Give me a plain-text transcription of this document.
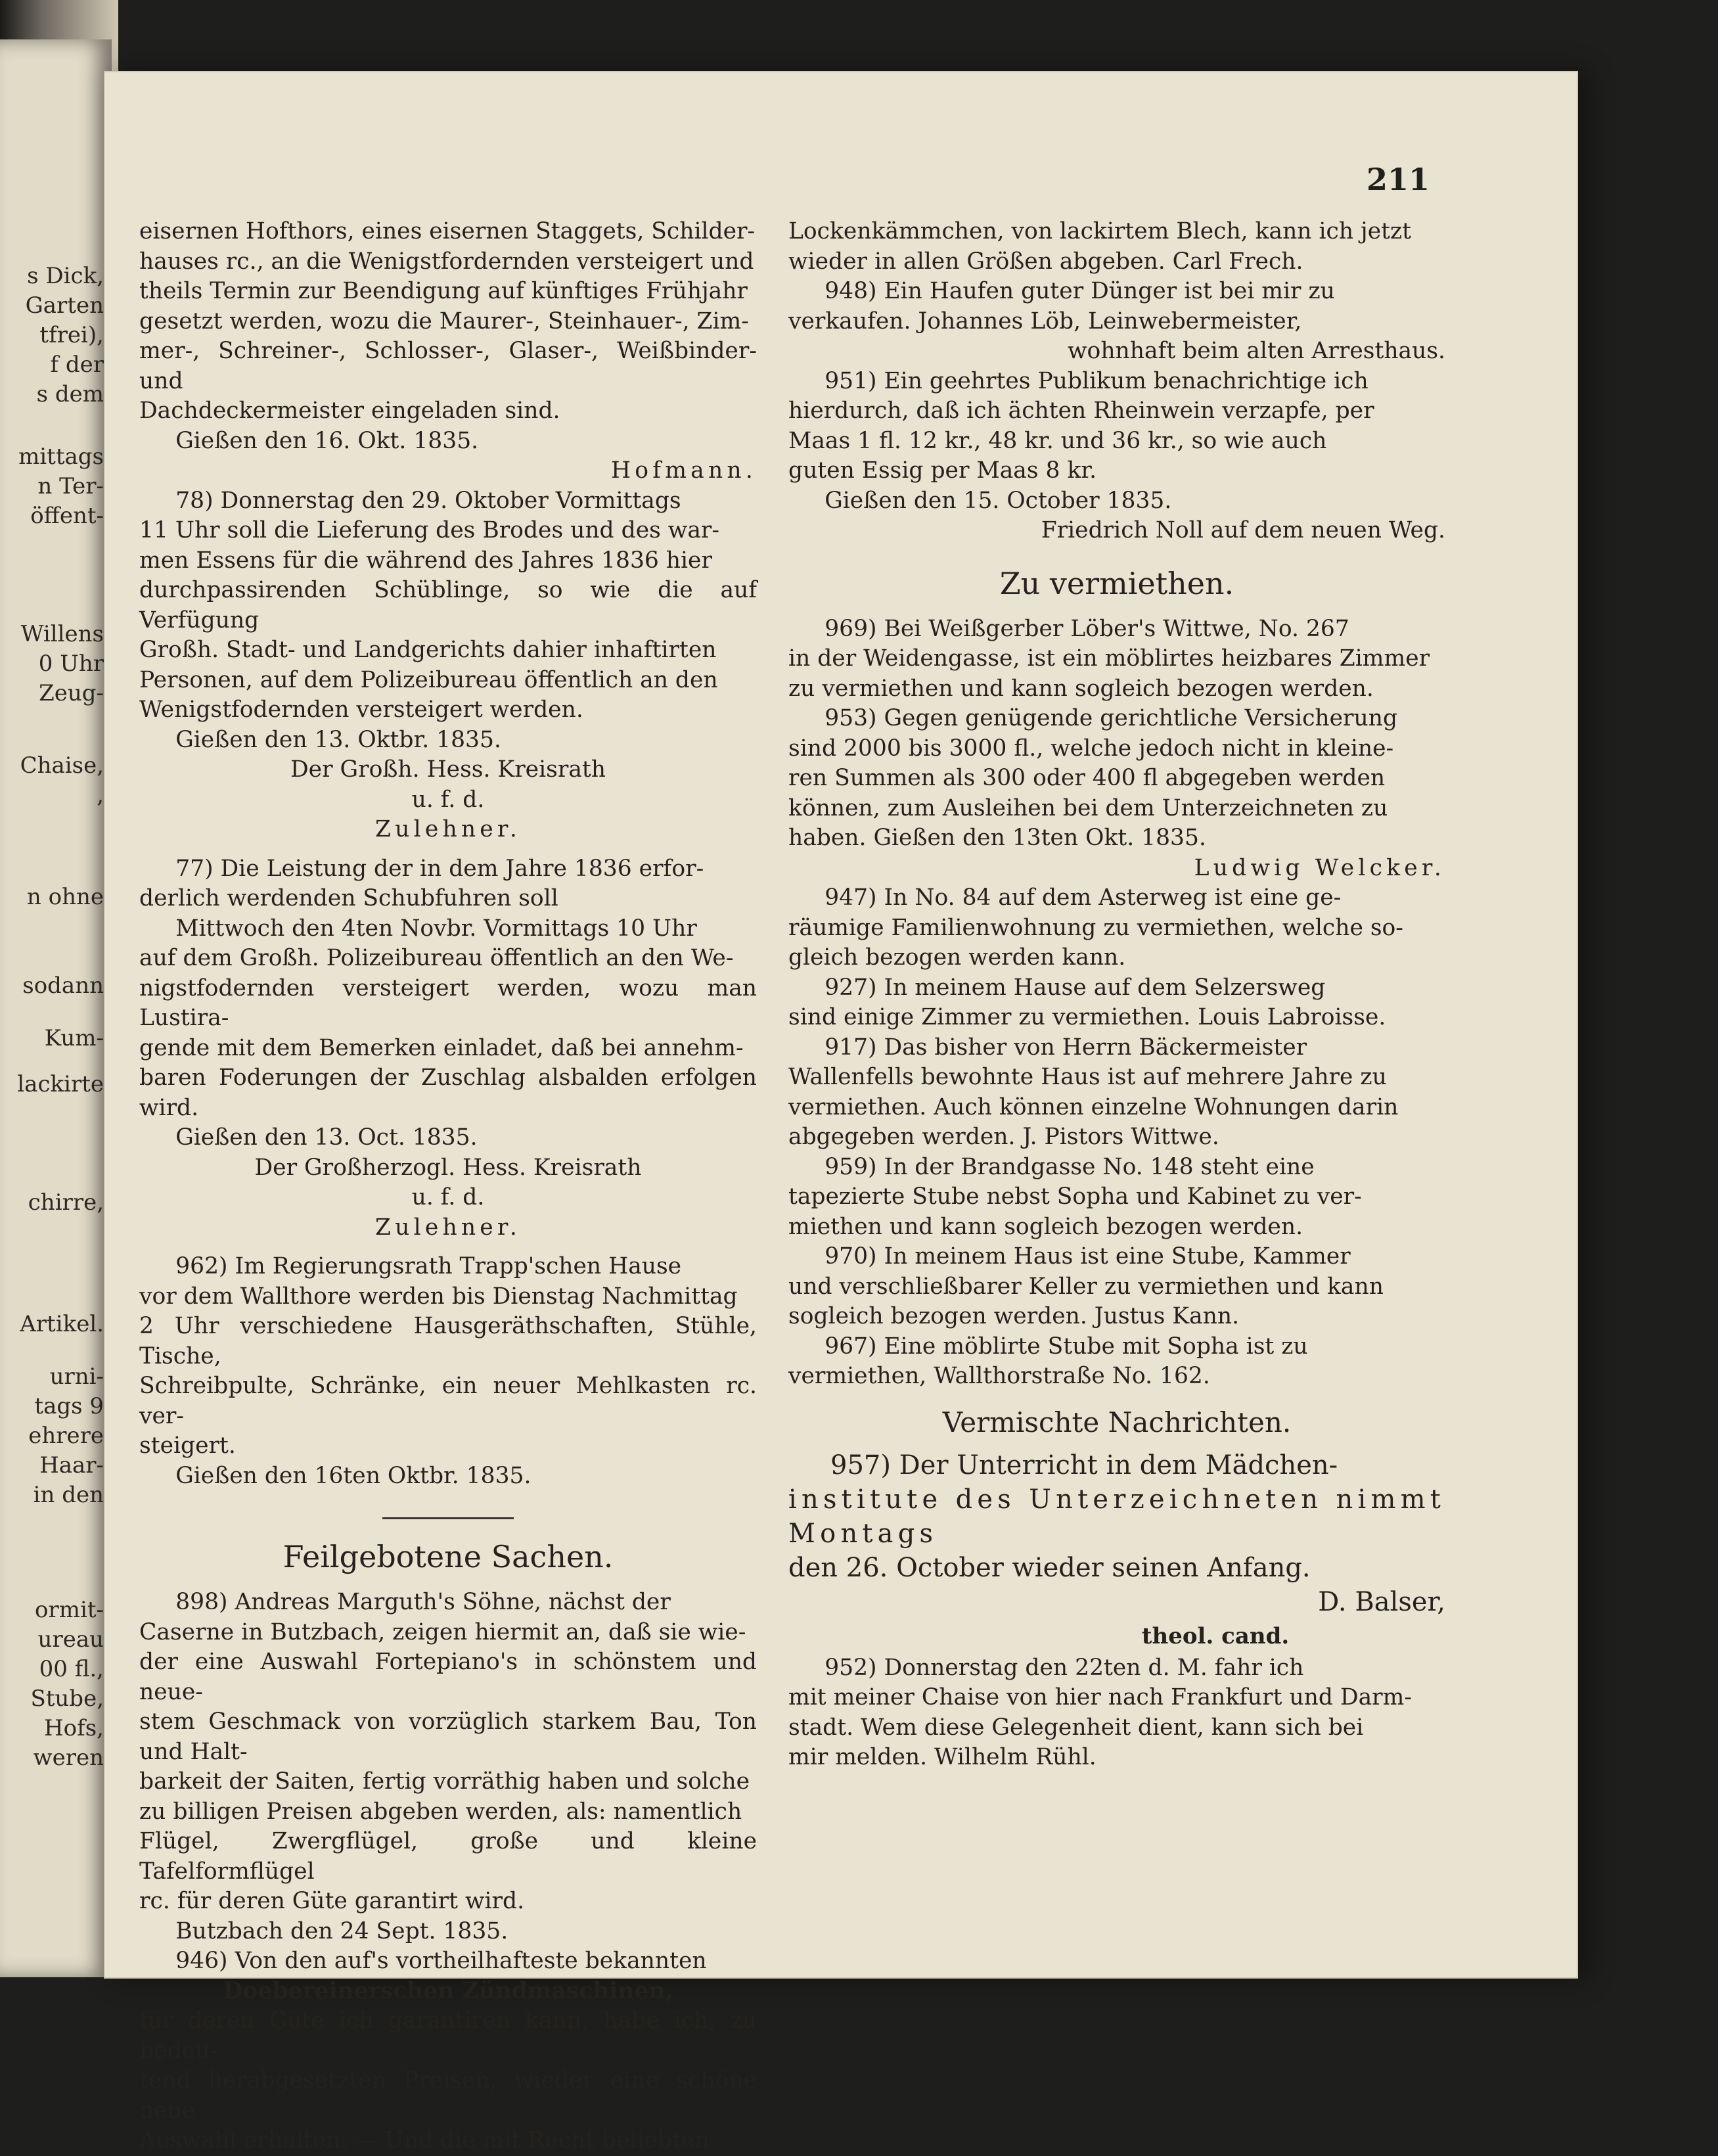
s Dick,
Garten
tfrei),
f der
s dem
mittags
n Ter-
öffent-
Willens
0 Uhr
Zeug-
Chaise,
,
n ohne
sodann
Kum-
lackirte
chirre,
Artikel.
urni-
tags 9
ehrere
Haar-
in den
ormit-
ureau
00 fl.,
Stube,
Hofs,
weren
211

eisernen Hofthors, eines eisernen Staggets, Schilder-

hauses rc., an die Wenigstfordernden versteigert und

theils Termin zur Beendigung auf künftiges Frühjahr

gesetzt werden, wozu die Maurer-, Steinhauer-, Zim-

mer-, Schreiner-, Schlosser-, Glaser-, Weißbinder- und

Dachdeckermeister eingeladen sind.

Gießen den 16. Okt. 1835.

Hofmann.

78) Donnerstag den 29. Oktober Vormittags

11 Uhr soll die Lieferung des Brodes und des war-

men Essens für die während des Jahres 1836 hier

durchpassirenden Schüblinge, so wie die auf Verfügung

Großh. Stadt- und Landgerichts dahier inhaftirten

Personen, auf dem Polizeibureau öffentlich an den

Wenigstfodernden versteigert werden.

Gießen den 13. Oktbr. 1835.

Der Großh. Hess. Kreisrath

u. f. d.

Zulehner.

77) Die Leistung der in dem Jahre 1836 erfor-

derlich werdenden Schubfuhren soll

Mittwoch den 4ten Novbr. Vormittags 10 Uhr

auf dem Großh. Polizeibureau öffentlich an den We-

nigstfodernden versteigert werden, wozu man Lustira-

gende mit dem Bemerken einladet, daß bei annehm-

baren Foderungen der Zuschlag alsbalden erfolgen wird.

Gießen den 13. Oct. 1835.

Der Großherzogl. Hess. Kreisrath

u. f. d.

Zulehner.

962) Im Regierungsrath Trapp'schen Hause

vor dem Wallthore werden bis Dienstag Nachmittag

2 Uhr verschiedene Hausgeräthschaften, Stühle, Tische,

Schreibpulte, Schränke, ein neuer Mehlkasten rc. ver-

steigert.

Gießen den 16ten Oktbr. 1835.

Feilgebotene Sachen.

898) Andreas Marguth's Söhne, nächst der

Caserne in Butzbach, zeigen hiermit an, daß sie wie-

der eine Auswahl Fortepiano's in schönstem und neue-

stem Geschmack von vorzüglich starkem Bau, Ton und Halt-

barkeit der Saiten, fertig vorräthig haben und solche

zu billigen Preisen abgeben werden, als: namentlich

Flügel, Zwergflügel, große und kleine Tafelformflügel

rc. für deren Güte garantirt wird.

Butzbach den 24 Sept. 1835.

946) Von den auf's vortheilhafteste bekannten

Doebereinerschen Zündmaschinen,

für deren Güte ich garantiren kann, habe ich, zu bedeu-

tend herabgesetzten Preisen, wieder eine schöne neue

Auswahl erhalten. — Und die mit Recht beliebten

Lockenkämmchen, von lackirtem Blech, kann ich jetzt

wieder in allen Größen abgeben. Carl Frech.

948) Ein Haufen guter Dünger ist bei mir zu

verkaufen. Johannes Löb, Leinwebermeister,

wohnhaft beim alten Arresthaus.

951) Ein geehrtes Publikum benachrichtige ich

hierdurch, daß ich ächten Rheinwein verzapfe, per

Maas 1 fl. 12 kr., 48 kr. und 36 kr., so wie auch

guten Essig per Maas 8 kr.

Gießen den 15. October 1835.

Friedrich Noll auf dem neuen Weg.

Zu vermiethen.

969) Bei Weißgerber Löber's Wittwe, No. 267

in der Weidengasse, ist ein möblirtes heizbares Zimmer

zu vermiethen und kann sogleich bezogen werden.

953) Gegen genügende gerichtliche Versicherung

sind 2000 bis 3000 fl., welche jedoch nicht in kleine-

ren Summen als 300 oder 400 fl abgegeben werden

können, zum Ausleihen bei dem Unterzeichneten zu

haben. Gießen den 13ten Okt. 1835.

Ludwig Welcker.

947) In No. 84 auf dem Asterweg ist eine ge-

räumige Familienwohnung zu vermiethen, welche so-

gleich bezogen werden kann.

927) In meinem Hause auf dem Selzersweg

sind einige Zimmer zu vermiethen. Louis Labroisse.

917) Das bisher von Herrn Bäckermeister

Wallenfells bewohnte Haus ist auf mehrere Jahre zu

vermiethen. Auch können einzelne Wohnungen darin

abgegeben werden. J. Pistors Wittwe.

959) In der Brandgasse No. 148 steht eine

tapezierte Stube nebst Sopha und Kabinet zu ver-

miethen und kann sogleich bezogen werden.

970) In meinem Haus ist eine Stube, Kammer

und verschließbarer Keller zu vermiethen und kann

sogleich bezogen werden. Justus Kann.

967) Eine möblirte Stube mit Sopha ist zu

vermiethen, Wallthorstraße No. 162.

Vermischte Nachrichten.

957) Der Unterricht in dem Mädchen-

institute des Unterzeichneten nimmt Montags

den 26. October wieder seinen Anfang.

D. Balser,

theol. cand.

952) Donnerstag den 22ten d. M. fahr ich

mit meiner Chaise von hier nach Frankfurt und Darm-

stadt. Wem diese Gelegenheit dient, kann sich bei

mir melden. Wilhelm Rühl.
